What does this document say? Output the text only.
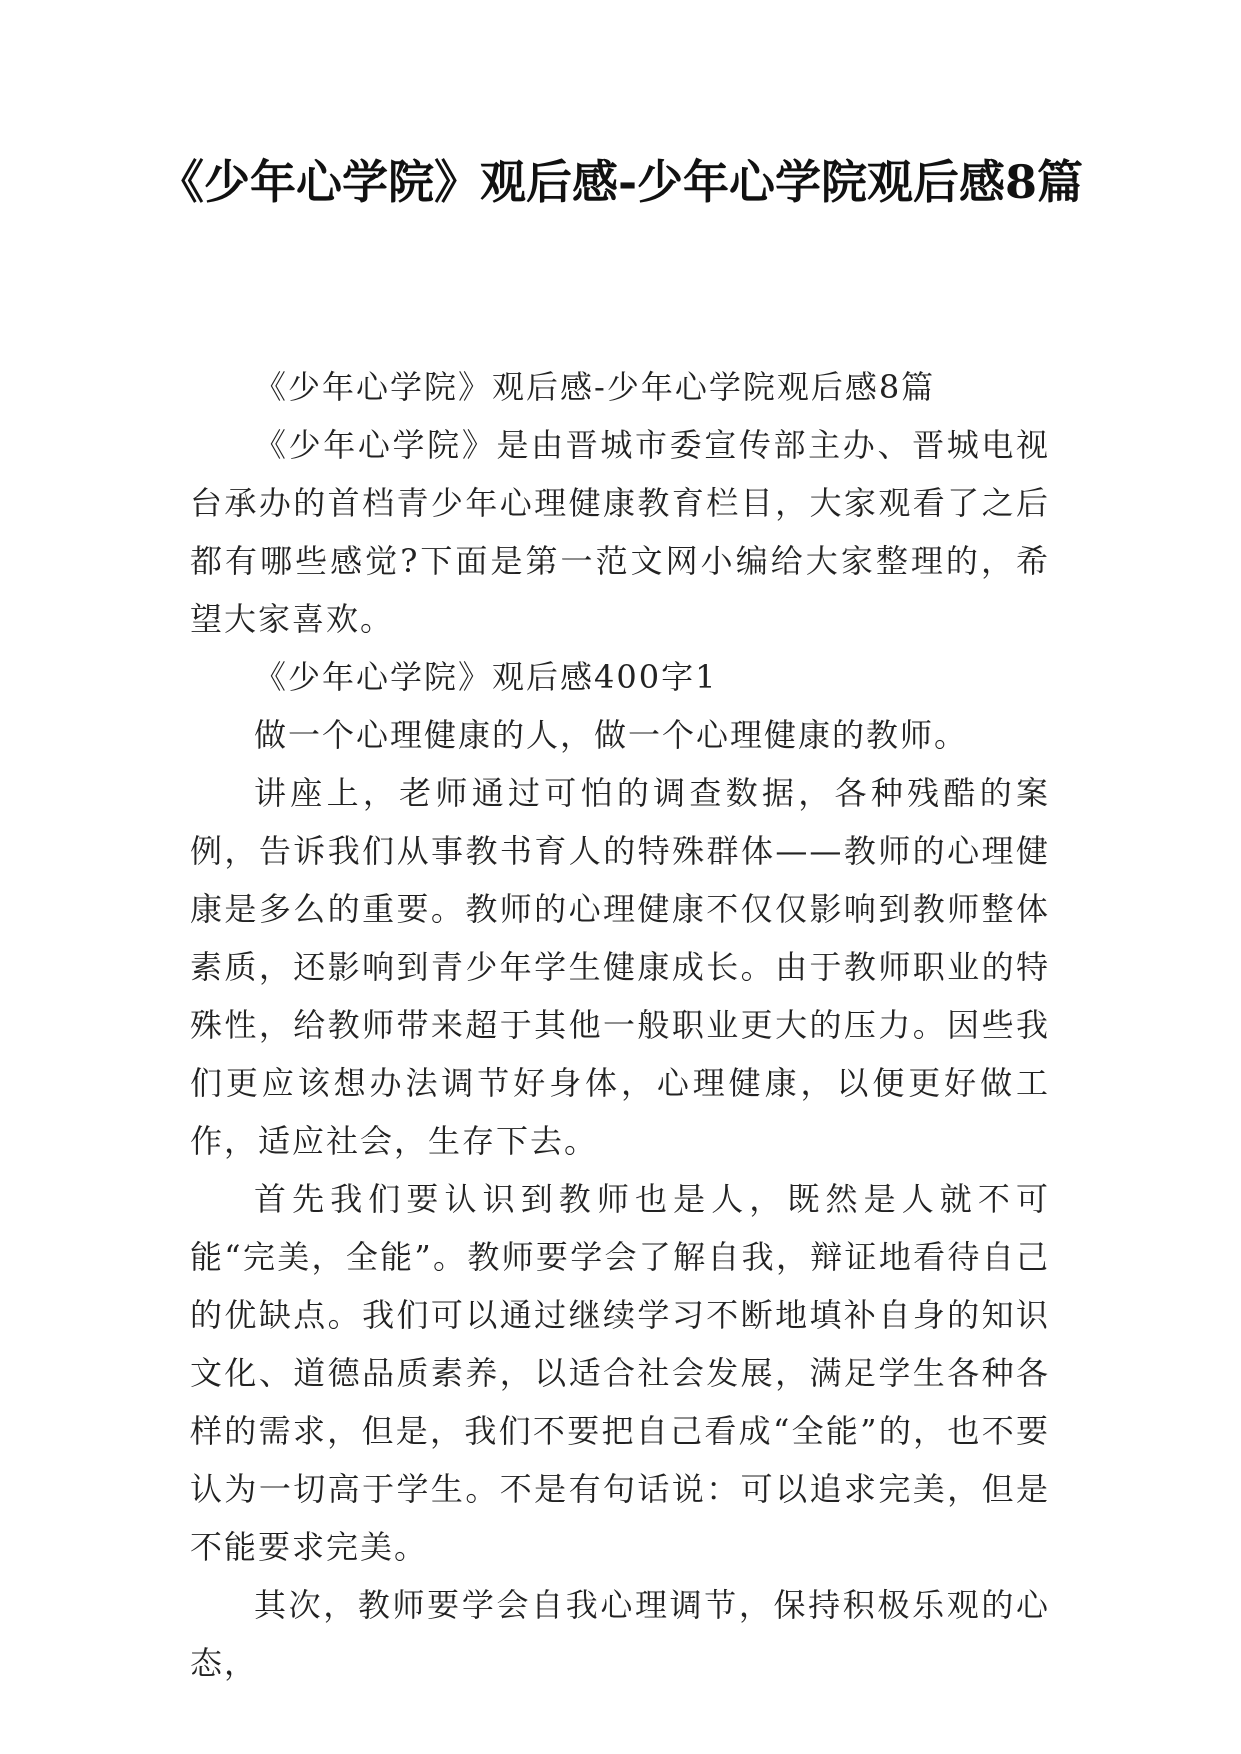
《少年心学院》观后感-少年心学院观后感8篇

《少年心学院》观后感-少年心学院观后感8篇

《少年心学院》是由晋城市委宣传部主办、晋城电视台承办的首档青少年心理健康教育栏目，大家观看了之后都有哪些感觉?下面是第一范文网小编给大家整理的，希望大家喜欢。

《少年心学院》观后感400字1

做一个心理健康的人，做一个心理健康的教师。

讲座上，老师通过可怕的调查数据，各种残酷的案例，告诉我们从事教书育人的特殊群体——教师的心理健康是多么的重要。教师的心理健康不仅仅影响到教师整体素质，还影响到青少年学生健康成长。由于教师职业的特殊性，给教师带来超于其他一般职业更大的压力。因些我们更应该想办法调节好身体，心理健康，以便更好做工作，适应社会，生存下去。

首先我们要认识到教师也是人，既然是人就不可能“完美，全能”。教师要学会了解自我，辩证地看待自己的优缺点。我们可以通过继续学习不断地填补自身的知识文化、道德品质素养，以适合社会发展，满足学生各种各样的需求，但是，我们不要把自己看成“全能”的，也不要认为一切高于学生。不是有句话说：可以追求完美，但是不能要求完美。

其次，教师要学会自我心理调节，保持积极乐观的心态，
